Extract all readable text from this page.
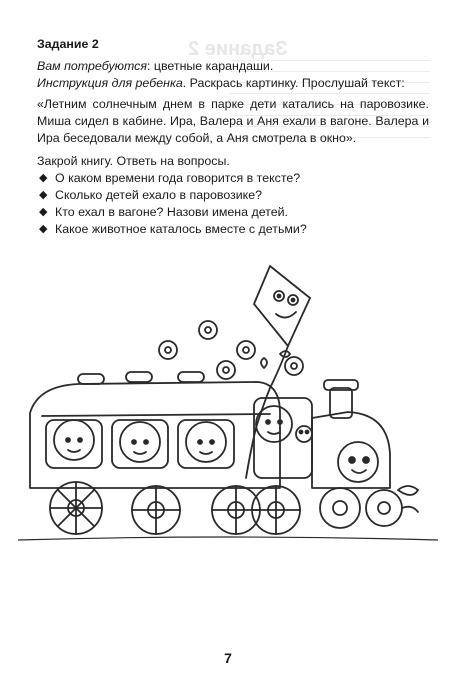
Задание 2

Задание 2

Вам потребуются: цветные карандаши.

Инструкция для ребенка. Раскрась картинку. Прослушай текст:

«Летним солнечным днем в парке дети катались на паровозике. Миша сидел в кабине. Ира, Валера и Аня ехали в вагоне. Валера и Ира беседовали между собой, а Аня смотрела в окно».

Закрой книгу. Ответь на вопросы.

◆ О каком времени года говорится в тексте?
◆ Сколько детей ехало в паровозике?
◆ Кто ехал в вагоне? Назови имена детей.
◆ Какое животное каталось вместе с детьми?
7
